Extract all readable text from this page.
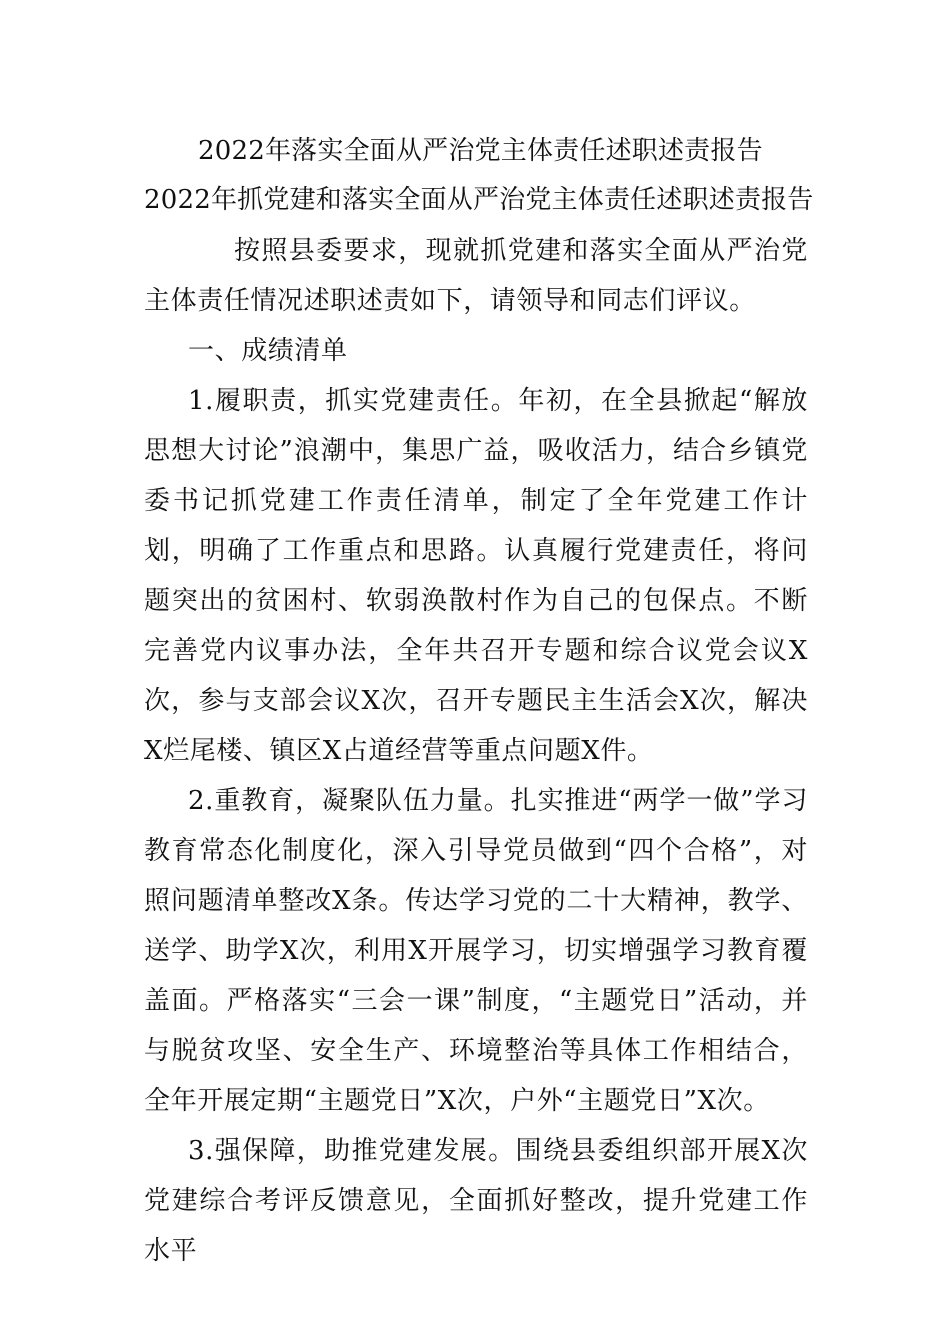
2022年落实全面从严治党主体责任述职述责报告
2022年抓党建和落实全面从严治党主体责任述职述责报告
按照县委要求，现就抓党建和落实全面从严治党主体责任情况述职述责如下，请领导和同志们评议。
一、成绩清单
1.履职责，抓实党建责任。年初，在全县掀起“解放思想大讨论”浪潮中，集思广益，吸收活力，结合乡镇党委书记抓党建工作责任清单，制定了全年党建工作计划，明确了工作重点和思路。认真履行党建责任，将问题突出的贫困村、软弱涣散村作为自己的包保点。不断完善党内议事办法，全年共召开专题和综合议党会议X次，参与支部会议X次，召开专题民主生活会X次，解决X烂尾楼、镇区X占道经营等重点问题X件。
2.重教育，凝聚队伍力量。扎实推进“两学一做”学习教育常态化制度化，深入引导党员做到“四个合格”，对照问题清单整改X条。传达学习党的二十大精神，教学、送学、助学X次，利用X开展学习，切实增强学习教育覆盖面。严格落实“三会一课”制度，“主题党日”活动，并与脱贫攻坚、安全生产、环境整治等具体工作相结合，全年开展定期“主题党日”X次，户外“主题党日”X次。
3.强保障，助推党建发展。围绕县委组织部开展X次党建综合考评反馈意见，全面抓好整改，提升党建工作水平
